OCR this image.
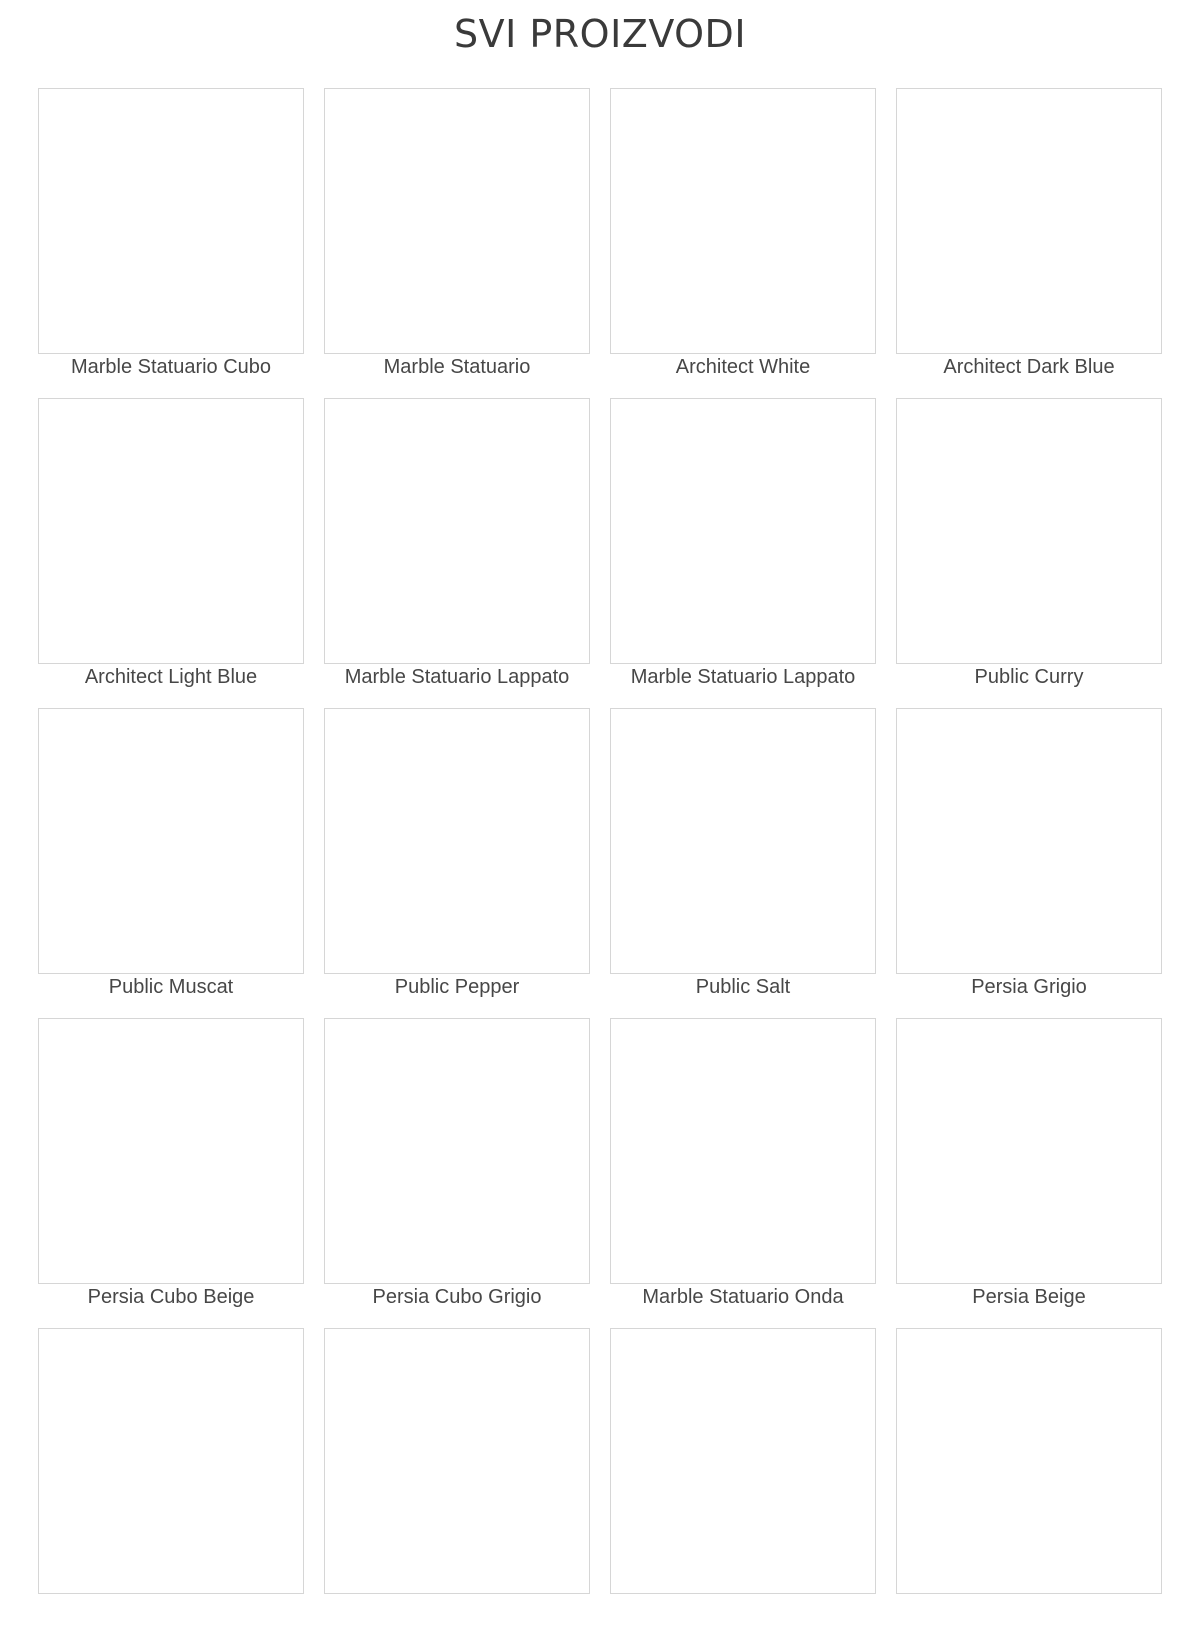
SVI PROIZVODI
Marble Statuario Cubo	Marble Statuario	Architect White	Architect Dark Blue
Architect Light Blue	Marble Statuario Lappato	Marble Statuario Lappato	Public Curry
Public Muscat	Public Pepper	Public Salt	Persia Grigio
Persia Cubo Beige	Persia Cubo Grigio	Marble Statuario Onda	Persia Beige
